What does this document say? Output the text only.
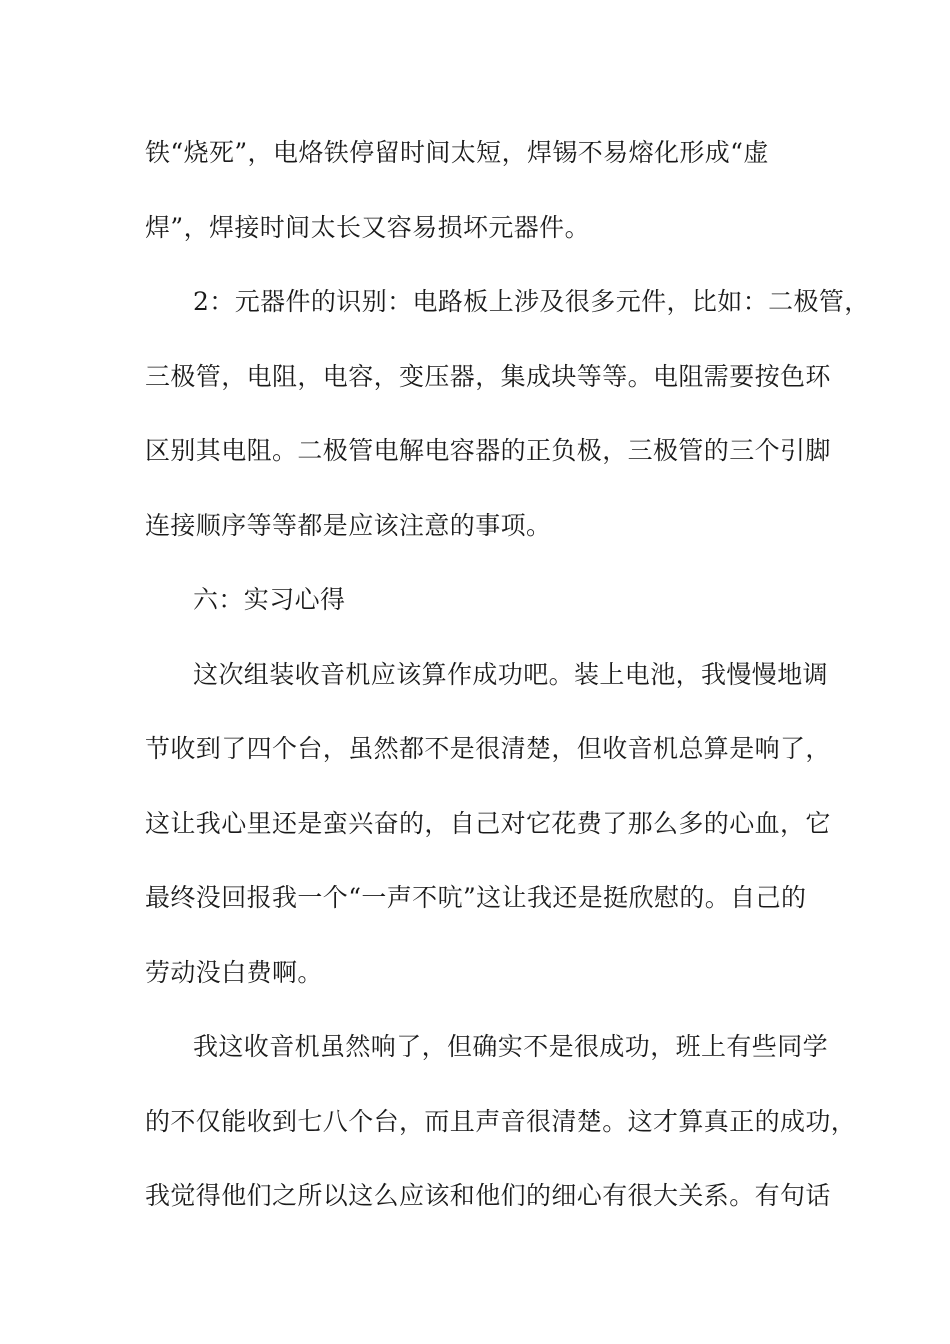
铁“烧死”，电烙铁停留时间太短，焊锡不易熔化形成“虚
焊”，焊接时间太长又容易损坏元器件。
2：元器件的识别：电路板上涉及很多元件，比如：二极管，
三极管，电阻，电容，变压器，集成块等等。电阻需要按色环
区别其电阻。二极管电解电容器的正负极，三极管的三个引脚
连接顺序等等都是应该注意的事项。
六：实习心得
这次组装收音机应该算作成功吧。装上电池，我慢慢地调
节收到了四个台，虽然都不是很清楚，但收音机总算是响了，
这让我心里还是蛮兴奋的，自己对它花费了那么多的心血，它
最终没回报我一个“一声不吭”这让我还是挺欣慰的。自己的
劳动没白费啊。
我这收音机虽然响了，但确实不是很成功，班上有些同学
的不仅能收到七八个台，而且声音很清楚。这才算真正的成功，
我觉得他们之所以这么应该和他们的细心有很大关系。有句话
